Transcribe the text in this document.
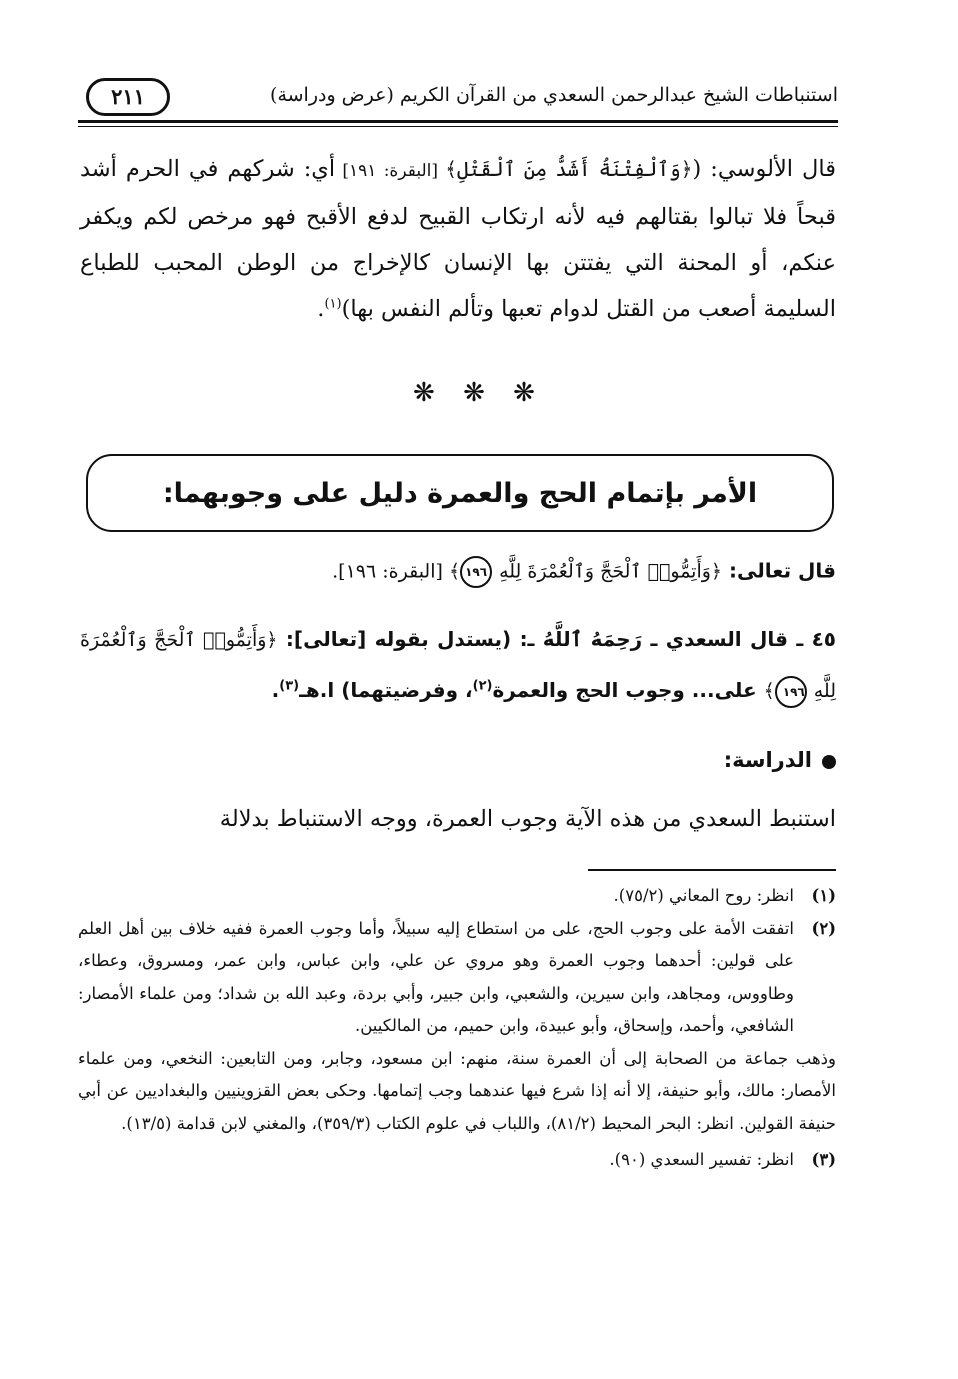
استنباطات الشيخ عبدالرحمن السعدي من القرآن الكريم (عرض ودراسة)
٢١١
قال الألوسي: (﴿وَٱلْفِتْنَةُ أَشَدُّ مِنَ ٱلْقَتْلِ﴾ [البقرة: ١٩١] أي: شركهم في الحرم أشد قبحاً فلا تبالوا بقتالهم فيه لأنه ارتكاب القبيح لدفع الأقبح فهو مرخص لكم ويكفر عنكم، أو المحنة التي يفتتن بها الإنسان كالإخراج من الوطن المحبب للطباع السليمة أصعب من القتل لدوام تعبها وتألم النفس بها)$^{(١)}$.
❋ ❋ ❋
الأمر بإتمام الحج والعمرة دليل على وجوبهما:
قال تعالى: ﴿وَأَتِمُّوا۟ ٱلْحَجَّ وَٱلْعُمْرَةَ لِلَّهِ ١٩٦﴾ [البقرة: ١٩٦].
٤٥ ـ قال السعدي ـ رَحِمَهُ ٱللَّهُ ـ: (يستدل بقوله [تعالى]: ﴿وَأَتِمُّوا۟ ٱلْحَجَّ وَٱلْعُمْرَةَ لِلَّهِ ١٩٦﴾ على... وجوب الحج والعمرة$^{(٢)}$، وفرضيتهما) ا.هـ$^{(٣)}$.
الدراسة:
استنبط السعدي من هذه الآية وجوب العمرة، ووجه الاستنباط بدلالة
(١)
انظر: روح المعاني (٧٥/٢).
(٢)
اتفقت الأمة على وجوب الحج، على من استطاع إليه سبيلاً، وأما وجوب العمرة ففيه خلاف بين أهل العلم على قولين: أحدهما وجوب العمرة وهو مروي عن علي، وابن عباس، وابن عمر، ومسروق، وعطاء، وطاووس، ومجاهد، وابن سيرين، والشعبي، وابن جبير، وأبي بردة، وعبد الله بن شداد؛ ومن علماء الأمصار: الشافعي، وأحمد، وإسحاق، وأبو عبيدة، وابن حميم، من المالكيين.
وذهب جماعة من الصحابة إلى أن العمرة سنة، منهم: ابن مسعود، وجابر، ومن التابعين: النخعي، ومن علماء الأمصار: مالك، وأبو حنيفة، إلا أنه إذا شرع فيها عندهما وجب إتمامها. وحكى بعض القزوينيين والبغداديين عن أبي حنيفة القولين. انظر: البحر المحيط (٨١/٢)، واللباب في علوم الكتاب (٣٥٩/٣)، والمغني لابن قدامة (١٣/٥).
(٣)
انظر: تفسير السعدي (٩٠).
